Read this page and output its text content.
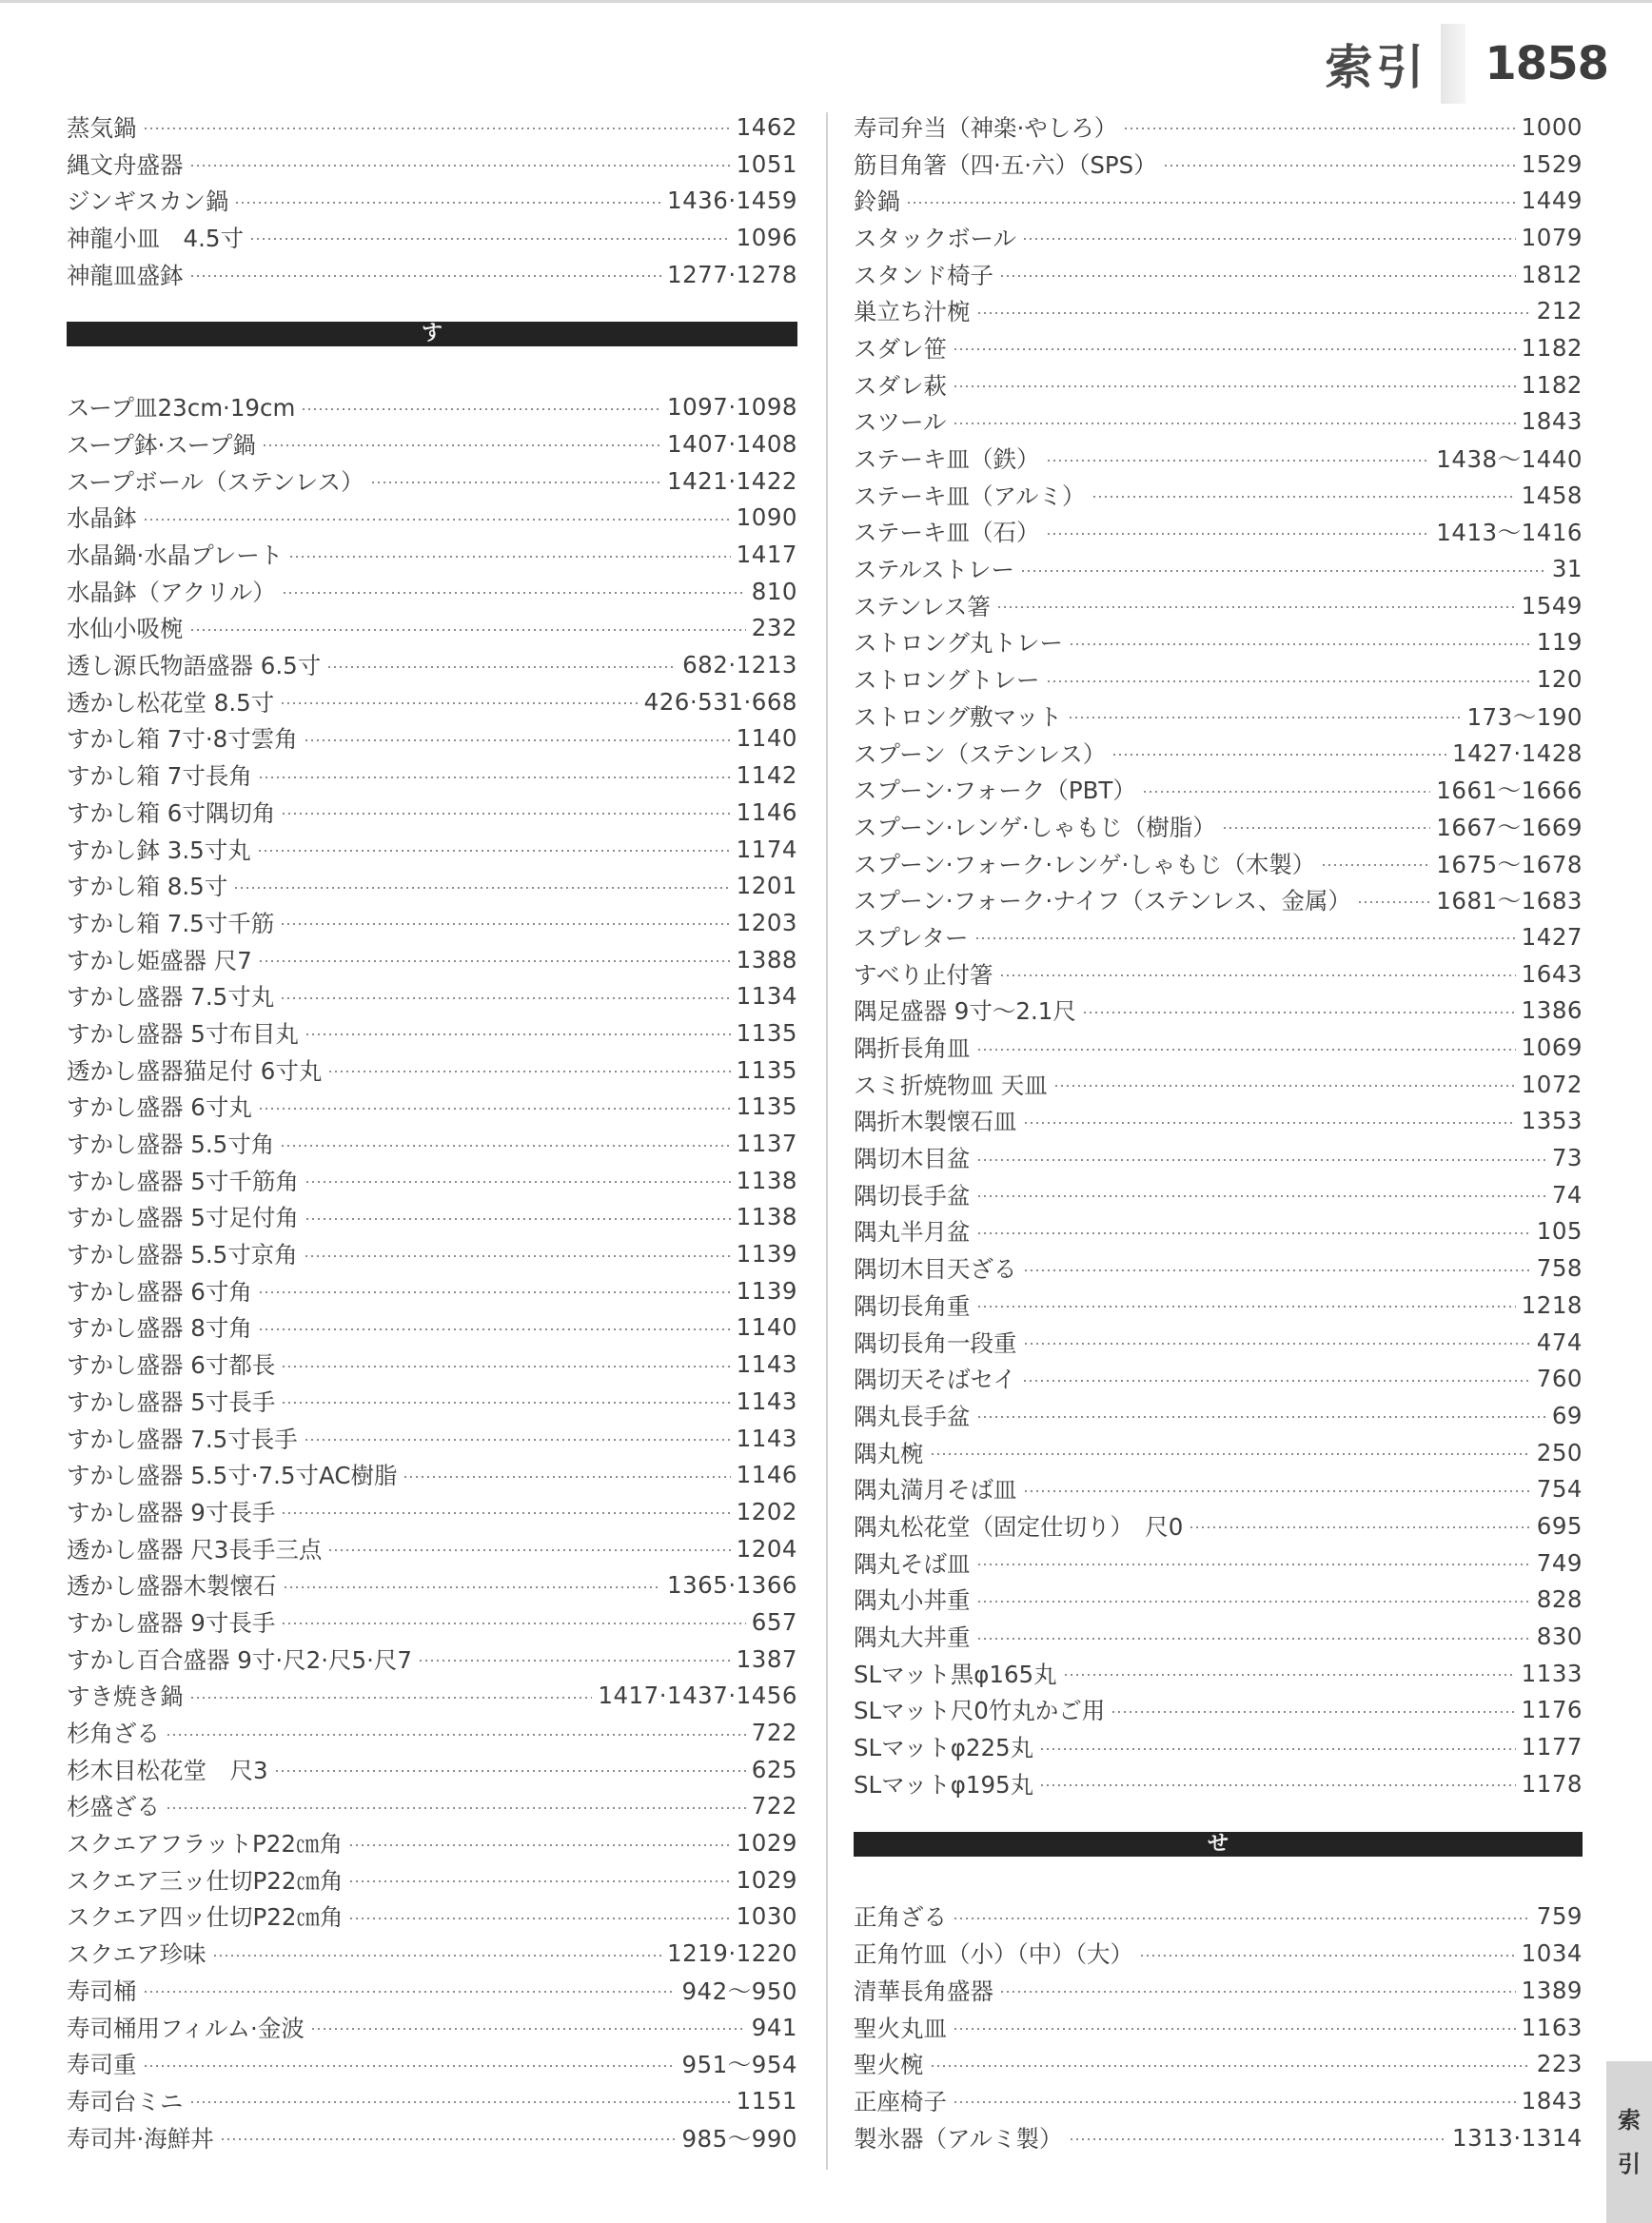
索引 1858
蒸気鍋	1462
縄文舟盛器	1051
ジンギスカン鍋	1436·1459
神龍小皿　4.5寸	1096
神龍皿盛鉢	1277·1278
す
スープ皿23cm·19cm	1097·1098
スープ鉢·スープ鍋	1407·1408
スープボール（ステンレス）	1421·1422
水晶鉢	1090
水晶鍋·水晶プレート	1417
水晶鉢（アクリル）	810
水仙小吸椀	232
透し源氏物語盛器 6.5寸	682·1213
透かし松花堂 8.5寸	426·531·668
すかし箱 7寸·8寸雲角	1140
すかし箱 7寸長角	1142
すかし箱 6寸隅切角	1146
すかし鉢 3.5寸丸	1174
すかし箱 8.5寸	1201
すかし箱 7.5寸千筋	1203
すかし姫盛器 尺7	1388
すかし盛器 7.5寸丸	1134
すかし盛器 5寸布目丸	1135
透かし盛器猫足付 6寸丸	1135
すかし盛器 6寸丸	1135
すかし盛器 5.5寸角	1137
すかし盛器 5寸千筋角	1138
すかし盛器 5寸足付角	1138
すかし盛器 5.5寸京角	1139
すかし盛器 6寸角	1139
すかし盛器 8寸角	1140
すかし盛器 6寸都長	1143
すかし盛器 5寸長手	1143
すかし盛器 7.5寸長手	1143
すかし盛器 5.5寸·7.5寸AC樹脂	1146
すかし盛器 9寸長手	1202
透かし盛器 尺3長手三点	1204
透かし盛器木製懐石	1365·1366
すかし盛器 9寸長手	657
すかし百合盛器 9寸·尺2·尺5·尺7	1387
すき焼き鍋	1417·1437·1456
杉角ざる	722
杉木目松花堂　尺3	625
杉盛ざる	722
スクエアフラットP22㎝角	1029
スクエア三ッ仕切P22㎝角	1029
スクエア四ッ仕切P22㎝角	1030
スクエア珍味	1219·1220
寿司桶	942〜950
寿司桶用フィルム·金波	941
寿司重	951〜954
寿司台ミニ	1151
寿司丼·海鮮丼	985〜990
寿司弁当（神楽·やしろ）	1000
筋目角箸（四·五·六）（SPS）	1529
鈴鍋	1449
スタックボール	1079
スタンド椅子	1812
巣立ち汁椀	212
スダレ笹	1182
スダレ萩	1182
スツール	1843
ステーキ皿（鉄）	1438〜1440
ステーキ皿（アルミ）	1458
ステーキ皿（石）	1413〜1416
ステルストレー	31
ステンレス箸	1549
ストロング丸トレー	119
ストロングトレー	120
ストロング敷マット	173〜190
スプーン（ステンレス）	1427·1428
スプーン·フォーク（PBT）	1661〜1666
スプーン·レンゲ·しゃもじ（樹脂）	1667〜1669
スプーン·フォーク·レンゲ·しゃもじ（木製）	1675〜1678
スプーン·フォーク·ナイフ（ステンレス、金属）	1681〜1683
スプレター	1427
すべり止付箸	1643
隅足盛器 9寸〜2.1尺	1386
隅折長角皿	1069
スミ折焼物皿 天皿	1072
隅折木製懐石皿	1353
隅切木目盆	73
隅切長手盆	74
隅丸半月盆	105
隅切木目天ざる	758
隅切長角重	1218
隅切長角一段重	474
隅切天そばセイ	760
隅丸長手盆	69
隅丸椀	250
隅丸満月そば皿	754
隅丸松花堂（固定仕切り）　尺0	695
隅丸そば皿	749
隅丸小丼重	828
隅丸大丼重	830
SLマット黒φ165丸	1133
SLマット尺0竹丸かご用	1176
SLマットφ225丸	1177
SLマットφ195丸	1178
せ
正角ざる	759
正角竹皿（小）（中）（大）	1034
清華長角盛器	1389
聖火丸皿	1163
聖火椀	223
正座椅子	1843
製氷器（アルミ製）	1313·1314
索
引
